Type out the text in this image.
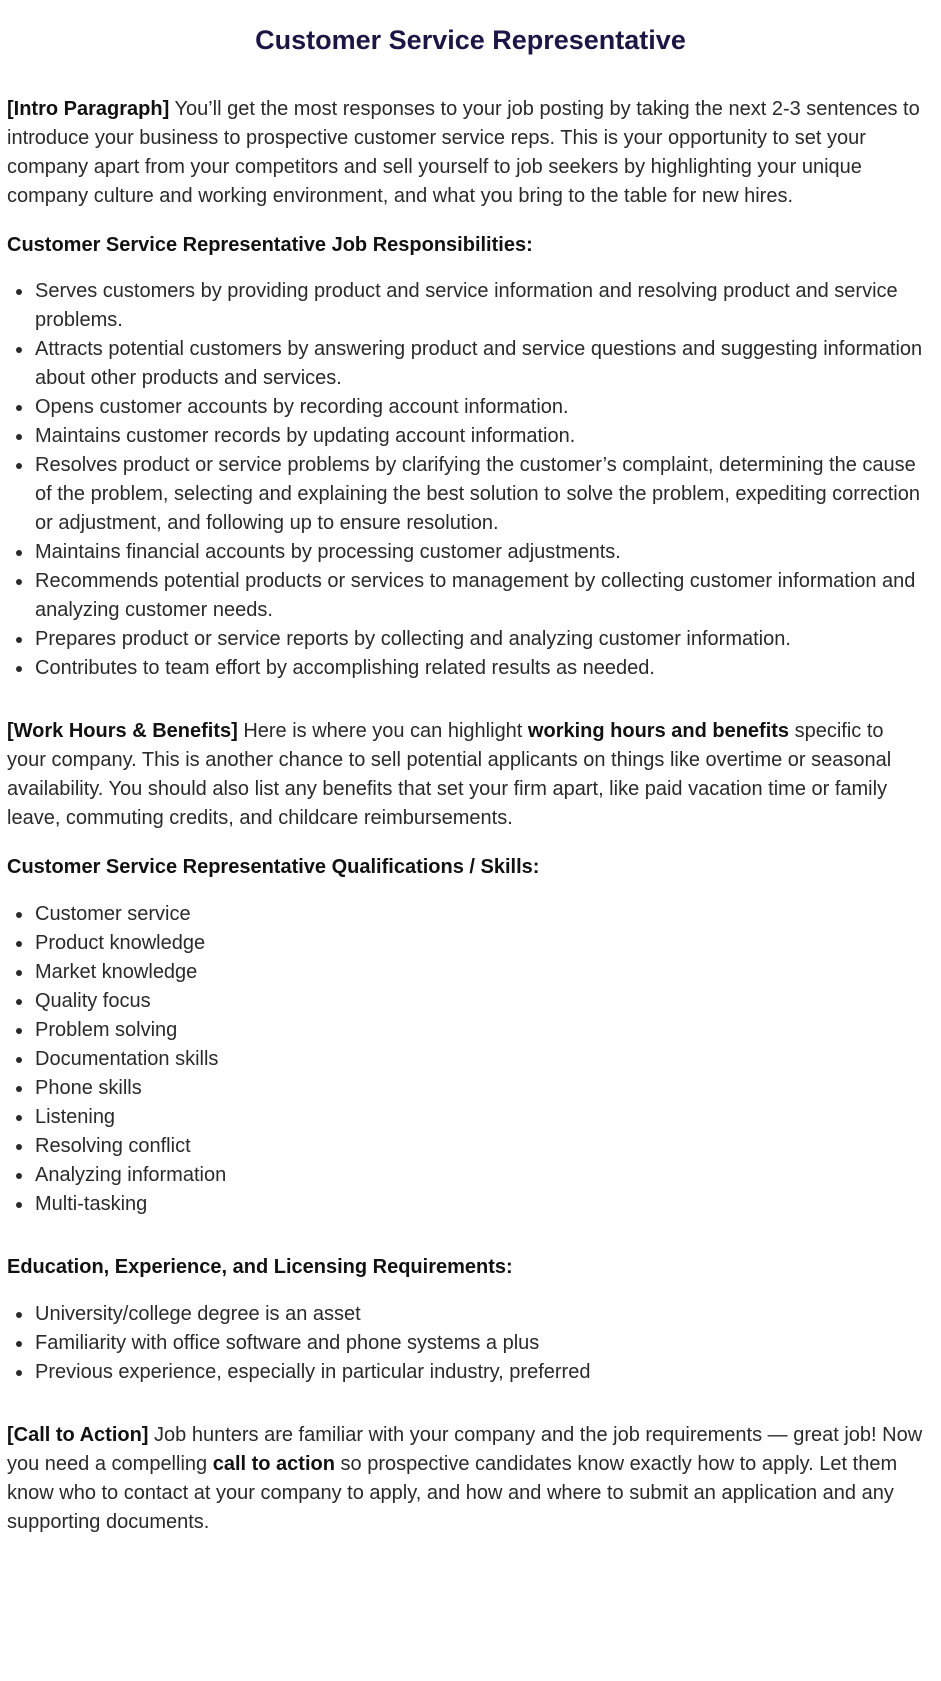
Customer Service Representative

[Intro Paragraph] You’ll get the most responses to your job posting by taking the next 2-3 sentences to introduce your business to prospective customer service reps. This is your opportunity to set your company apart from your competitors and sell yourself to job seekers by highlighting your unique company culture and working environment, and what you bring to the table for new hires.

Customer Service Representative Job Responsibilities:
Serves customers by providing product and service information and resolving product and service problems.
Attracts potential customers by answering product and service questions and suggesting information about other products and services.
Opens customer accounts by recording account information.
Maintains customer records by updating account information.
Resolves product or service problems by clarifying the customer’s complaint, determining the cause of the problem, selecting and explaining the best solution to solve the problem, expediting correction or adjustment, and following up to ensure resolution.
Maintains financial accounts by processing customer adjustments.
Recommends potential products or services to management by collecting customer information and analyzing customer needs.
Prepares product or service reports by collecting and analyzing customer information.
Contributes to team effort by accomplishing related results as needed.

[Work Hours & Benefits] Here is where you can highlight working hours and benefits specific to your company. This is another chance to sell potential applicants on things like overtime or seasonal availability. You should also list any benefits that set your firm apart, like paid vacation time or family leave, commuting credits, and childcare reimbursements.

Customer Service Representative Qualifications / Skills:
Customer service
Product knowledge
Market knowledge
Quality focus
Problem solving
Documentation skills
Phone skills
Listening
Resolving conflict
Analyzing information
Multi-tasking
Education, Experience, and Licensing Requirements:
University/college degree is an asset
Familiarity with office software and phone systems a plus
Previous experience, especially in particular industry, preferred

[Call to Action] Job hunters are familiar with your company and the job requirements — great job! Now you need a compelling call to action so prospective candidates know exactly how to apply. Let them know who to contact at your company to apply, and how and where to submit an application and any supporting documents.
